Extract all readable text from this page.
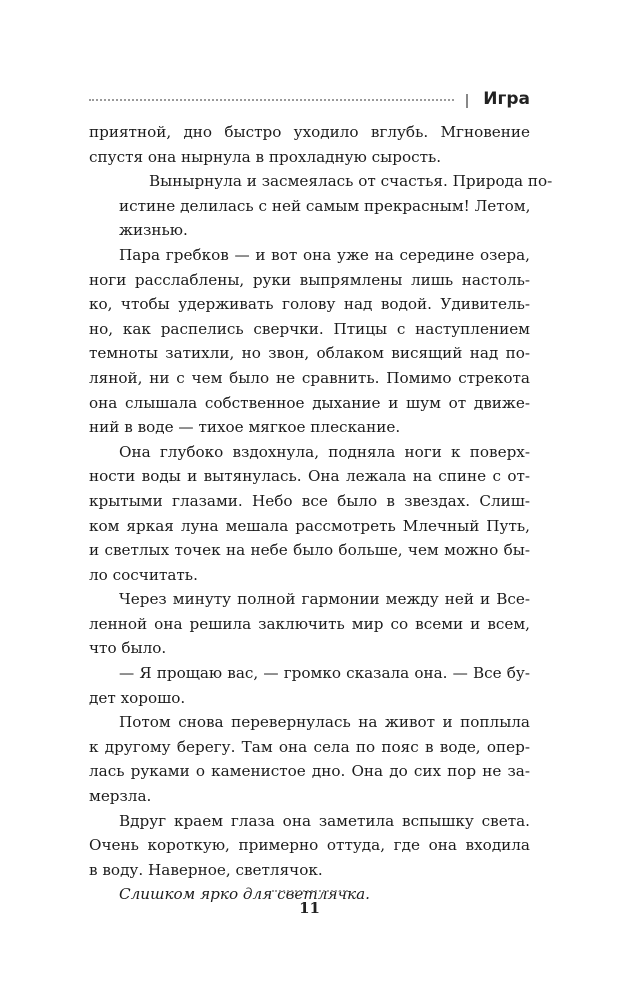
Игра

приятной, дно быстро уходило вглубь. Мгновение
спустя она нырнула в прохладную сырость.

Вынырнула и засмеялась от счастья. Природа по-
истине делилась с ней самым прекрасным! Летом,
жизнью.

Пара гребков — и вот она уже на середине озера,
ноги расслаблены, руки выпрямлены лишь настоль-
ко, чтобы удерживать голову над водой. Удивитель-
но, как распелись сверчки. Птицы с наступлением
темноты затихли, но звон, облаком висящий над по-
ляной, ни с чем было не сравнить. Помимо стрекота
она слышала собственное дыхание и шум от движе-
ний в воде — тихое мягкое плескание.

Она глубоко вздохнула, подняла ноги к поверх-
ности воды и вытянулась. Она лежала на спине с от-
крытыми глазами. Небо все было в звездах. Слиш-
ком яркая луна мешала рассмотреть Млечный Путь,
и светлых точек на небе было больше, чем можно бы-
ло сосчитать.

Через минуту полной гармонии между ней и Все-
ленной она решила заключить мир со всеми и всем,
что было.

— Я прощаю вас, — громко сказала она. — Все бу-
дет хорошо.

Потом снова перевернулась на живот и поплыла
к другому берегу. Там она села по пояс в воде, опер-
лась руками о каменистое дно. Она до сих пор не за-
мерзла.

Вдруг краем глаза она заметила вспышку света.
Очень короткую, примерно оттуда, где она входила
в воду. Наверное, светлячок.

Слишком ярко для светлячка.

11
